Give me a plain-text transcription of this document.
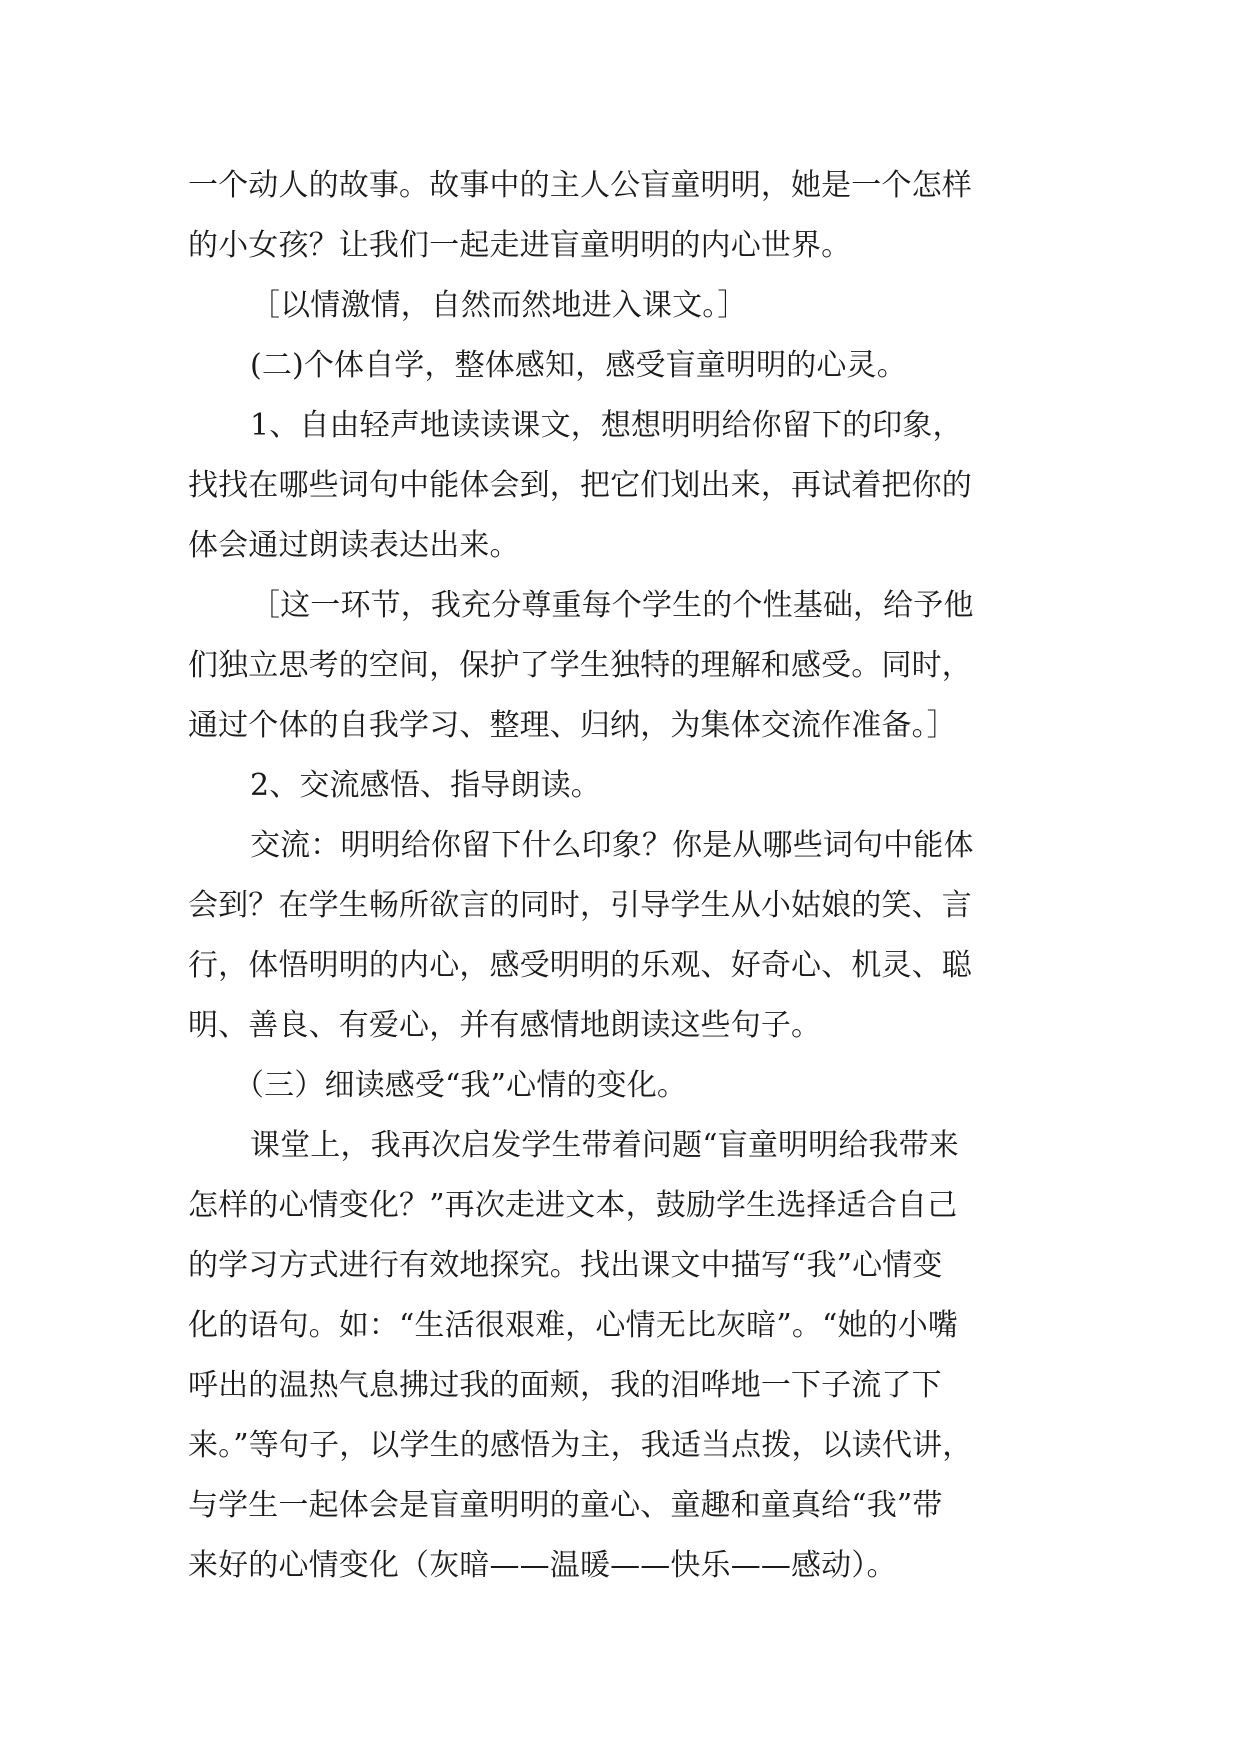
一个动人的故事。故事中的主人公盲童明明，她是一个怎样
的小女孩？让我们一起走进盲童明明的内心世界。
［以情激情，自然而然地进入课文。］
(二)个体自学，整体感知，感受盲童明明的心灵。
1、自由轻声地读读课文，想想明明给你留下的印象，
找找在哪些词句中能体会到，把它们划出来，再试着把你的
体会通过朗读表达出来。
［这一环节，我充分尊重每个学生的个性基础，给予他
们独立思考的空间，保护了学生独特的理解和感受。同时，
通过个体的自我学习、整理、归纳，为集体交流作准备。］
2、交流感悟、指导朗读。
交流：明明给你留下什么印象？你是从哪些词句中能体
会到？在学生畅所欲言的同时，引导学生从小姑娘的笑、言
行，体悟明明的内心，感受明明的乐观、好奇心、机灵、聪
明、善良、有爱心，并有感情地朗读这些句子。
（三）细读感受“我”心情的变化。
课堂上，我再次启发学生带着问题“盲童明明给我带来
怎样的心情变化？”再次走进文本，鼓励学生选择适合自己
的学习方式进行有效地探究。找出课文中描写“我”心情变
化的语句。如：“生活很艰难，心情无比灰暗”。“她的小嘴
呼出的温热气息拂过我的面颊，我的泪哗地一下子流了下
来。”等句子，以学生的感悟为主，我适当点拨，以读代讲，
与学生一起体会是盲童明明的童心、童趣和童真给“我”带
来好的心情变化（灰暗——温暖——快乐——感动）。
